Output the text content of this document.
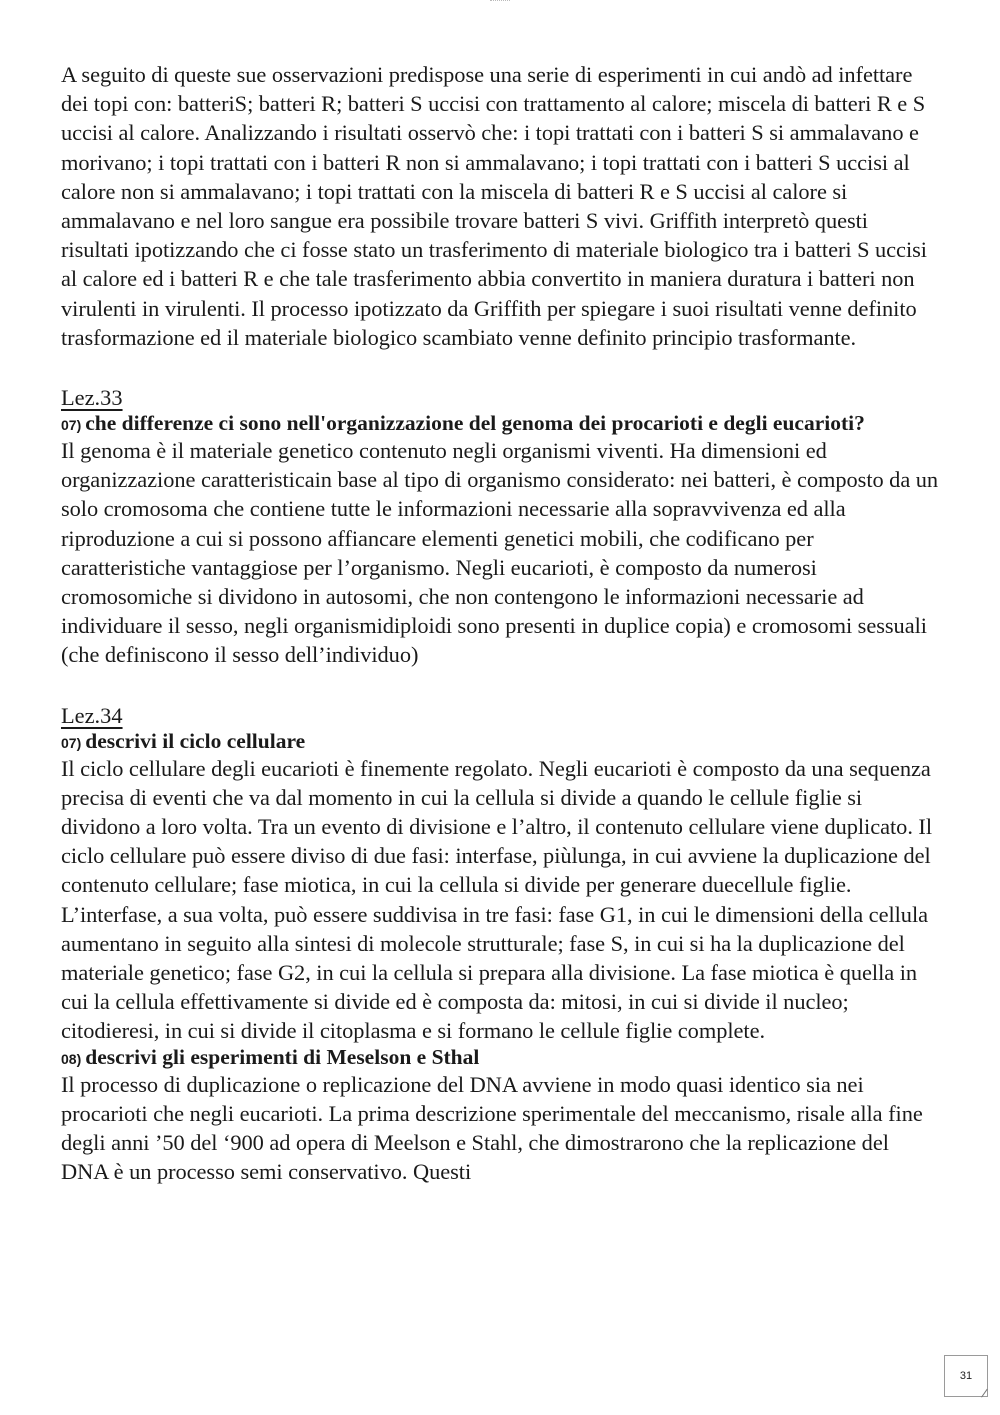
A seguito di queste sue osservazioni predispose una serie di esperimenti in cui andò ad infettare dei topi con: batteriS; batteri R; batteri S uccisi con trattamento al calore; miscela di batteri R e S uccisi al calore. Analizzando i risultati osservò che: i topi trattati con i batteri S si ammalavano e morivano; i topi trattati con i batteri R non si ammalavano; i topi trattati con i batteri S uccisi al calore non si ammalavano; i topi trattati con la miscela di batteri R e S uccisi al calore si ammalavano e nel loro sangue era possibile trovare batteri S vivi. Griffith interpretò questi risultati ipotizzando che ci fosse stato un trasferimento di materiale biologico tra i batteri S uccisi al calore ed i batteri R e che tale trasferimento abbia convertito in maniera duratura i batteri non virulenti in virulenti. Il processo ipotizzato da Griffith per spiegare i suoi risultati venne definito trasformazione ed il materiale biologico scambiato venne definito principio trasformante.

Lez.33

07) che differenze ci sono nell'organizzazione del genoma dei procarioti e degli eucarioti?

Il genoma è il materiale genetico contenuto negli organismi viventi. Ha dimensioni ed organizzazione caratteristicain base al tipo di organismo considerato: nei batteri, è composto da un solo cromosoma che contiene tutte le informazioni necessarie alla sopravvivenza ed alla riproduzione a cui si possono affiancare elementi genetici mobili, che codificano per caratteristiche vantaggiose per l’organismo. Negli eucarioti, è composto da numerosi cromosomiche si dividono in autosomi, che non contengono le informazioni necessarie ad individuare il sesso, negli organismidiploidi sono presenti in duplice copia) e cromosomi sessuali (che definiscono il sesso dell’individuo)

Lez.34

07) descrivi il ciclo cellulare

Il ciclo cellulare degli eucarioti è finemente regolato. Negli eucarioti è composto da una sequenza precisa di eventi che va dal momento in cui la cellula si divide a quando le cellule figlie si dividono a loro volta. Tra un evento di divisione e l’altro, il contenuto cellulare viene duplicato. Il ciclo cellulare può essere diviso di due fasi: interfase, piùlunga, in cui avviene la duplicazione del contenuto cellulare; fase miotica, in cui la cellula si divide per generare duecellule figlie. L’interfase, a sua volta, può essere suddivisa in tre fasi: fase G1, in cui le dimensioni della cellula aumentano in seguito alla sintesi di molecole strutturale; fase S, in cui si ha la duplicazione del materiale genetico; fase G2, in cui la cellula si prepara alla divisione. La fase miotica è quella in cui la cellula effettivamente si divide ed è composta da: mitosi, in cui si divide il nucleo; citodieresi, in cui si divide il citoplasma e si formano le cellule figlie complete.

08) descrivi gli esperimenti di Meselson e Sthal

Il processo di duplicazione o replicazione del DNA avviene in modo quasi identico sia nei procarioti che negli eucarioti. La prima descrizione sperimentale del meccanismo, risale alla fine degli anni ’50 del ‘900 ad opera di Meelson e Stahl, che dimostrarono che la replicazione del DNA è un processo semi conservativo. Questi

31
